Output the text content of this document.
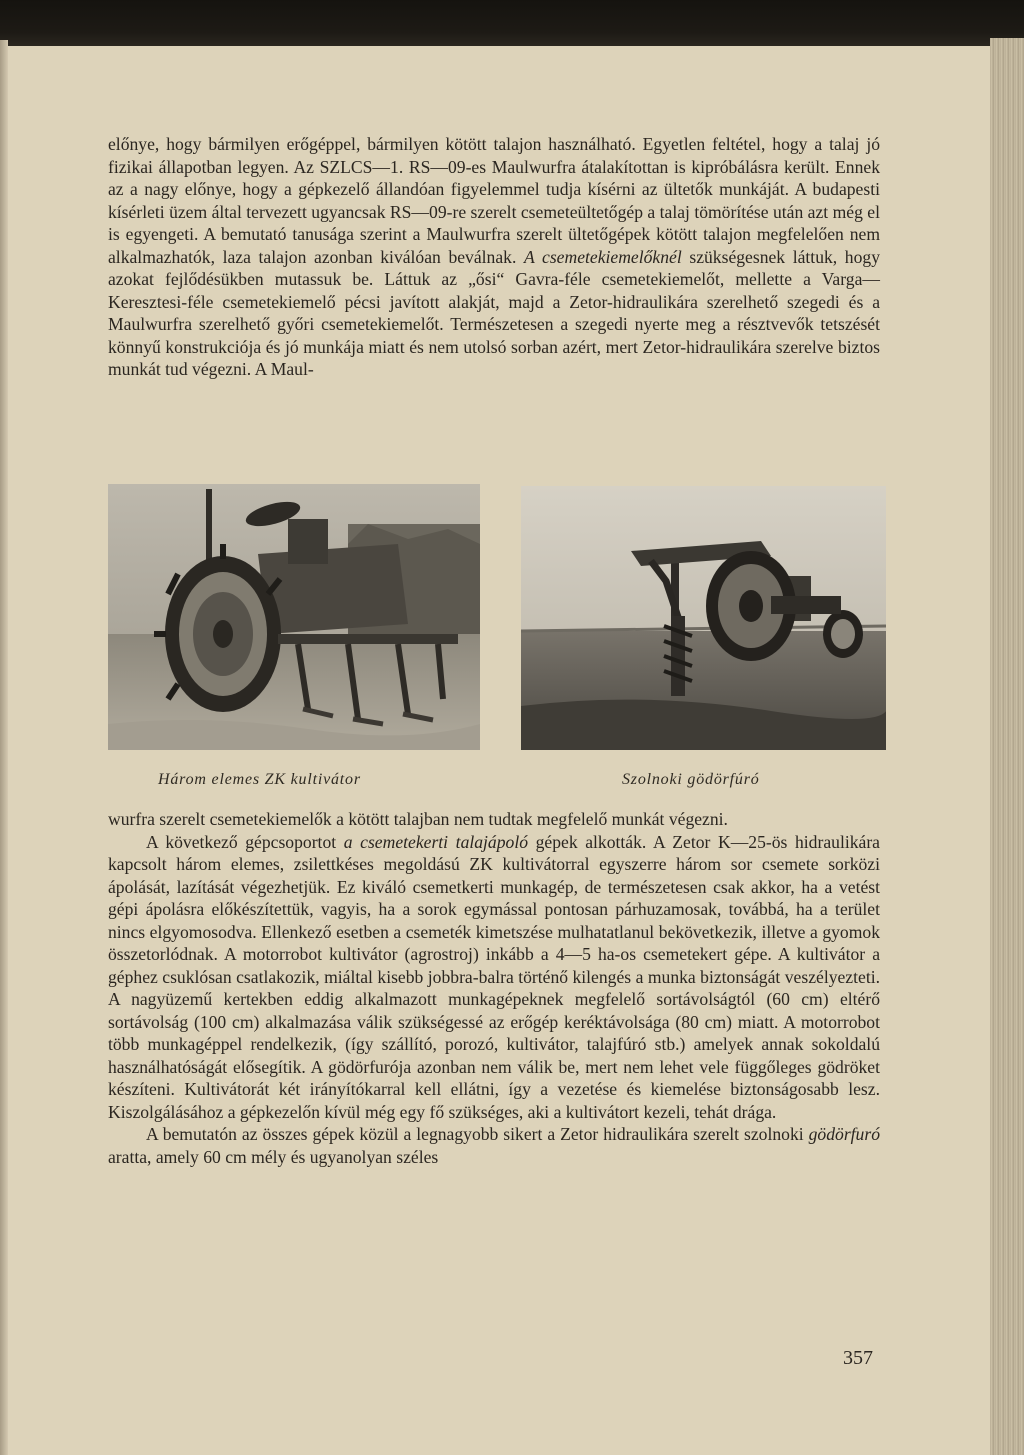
előnye, hogy bármilyen erőgéppel, bármilyen kötött talajon használható. Egyetlen feltétel, hogy a talaj jó fizikai állapotban legyen. Az SZLCS—1. RS—09-es Maulwurfra átalakítottan is kipróbálásra került. Ennek az a nagy előnye, hogy a gépkezelő állandóan figyelemmel tudja kísérni az ültetők munkáját. A budapesti kísérleti üzem által tervezett ugyancsak RS—09-re szerelt csemeteültetőgép a talaj tömörítése után azt még el is egyengeti. A bemutató tanusága szerint a Maulwurfra szerelt ültetőgépek kötött talajon megfelelően nem alkalmazhatók, laza talajon azonban kiválóan beválnak. A csemetekiemelőknél szükségesnek láttuk, hogy azokat fejlődésükben mutassuk be. Láttuk az „ősi“ Gavra-féle csemetekiemelőt, mellette a Varga—Keresztesi-féle csemetekiemelő pécsi javított alakját, majd a Zetor-hidraulikára szerelhető szegedi és a Maulwurfra szerelhető győri csemetekiemelőt. Természetesen a szegedi nyerte meg a résztvevők tetszését könnyű konstrukciója és jó munkája miatt és nem utolsó sorban azért, mert Zetor-hidraulikára szerelve biztos munkát tud végezni. A Maul-

Három elemes ZK kultivátor	Szolnoki gödörfúró

wurfra szerelt csemetekiemelők a kötött talajban nem tudtak megfelelő munkát végezni.

A következő gépcsoportot a csemetekerti talajápoló gépek alkották. A Zetor K—25-ös hidraulikára kapcsolt három elemes, zsilettkéses megoldású ZK kultivátorral egyszerre három sor csemete sorközi ápolását, lazítását végezhetjük. Ez kiváló csemetkerti munkagép, de természetesen csak akkor, ha a vetést gépi ápolásra előkészítettük, vagyis, ha a sorok egymással pontosan párhuzamosak, továbbá, ha a terület nincs elgyomosodva. Ellenkező esetben a csemeték kimetszése mulhatatlanul bekövetkezik, illetve a gyomok összetorlódnak. A motorrobot kultivátor (agrostroj) inkább a 4—5 ha-os csemetekert gépe. A kultivátor a géphez csuklósan csatlakozik, miáltal kisebb jobbra-balra történő kilengés a munka biztonságát veszélyezteti. A nagyüzemű kertekben eddig alkalmazott munkagépeknek megfelelő sortávolságtól (60 cm) eltérő sortávolság (100 cm) alkalmazása válik szükségessé az erőgép keréktávolsága (80 cm) miatt. A motorrobot több munkagéppel rendelkezik, (így szállító, porozó, kultivátor, talajfúró stb.) amelyek annak sokoldalú használhatóságát elősegítik. A gödörfurója azonban nem válik be, mert nem lehet vele függőleges gödröket készíteni. Kultivátorát két irányítókarral kell ellátni, így a vezetése és kiemelése biztonságosabb lesz. Kiszolgálásához a gépkezelőn kívül még egy fő szükséges, aki a kultivátort kezeli, tehát drága.

A bemutatón az összes gépek közül a legnagyobb sikert a Zetor hidraulikára szerelt szolnoki gödörfuró aratta, amely 60 cm mély és ugyanolyan széles

357
